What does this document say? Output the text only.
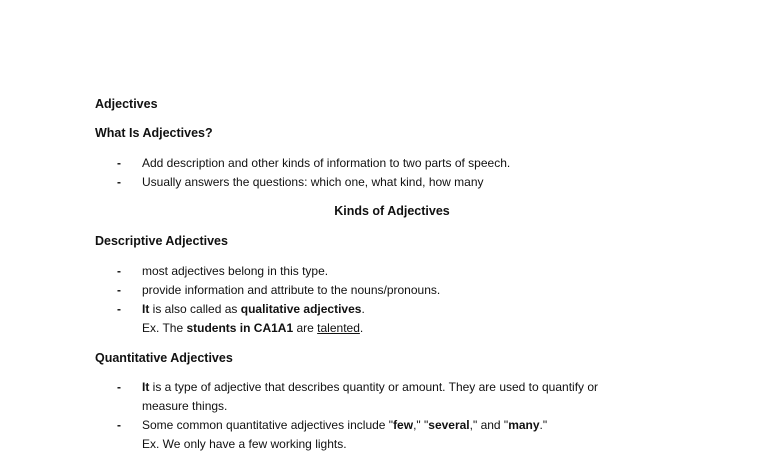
Adjectives
What Is Adjectives?
- Add description and other kinds of information to two parts of speech.
- Usually answers the questions: which one, what kind, how many
Kinds of Adjectives
Descriptive Adjectives
- most adjectives belong in this type.
- provide information and attribute to the nouns/pronouns.
- It is also called as qualitative adjectives.
Ex. The students in CA1A1 are talented.
Quantitative Adjectives
- It is a type of adjective that describes quantity or amount. They are used to quantify or
measure things.
- Some common quantitative adjectives include "few," "several," and "many."
Ex. We only have a few working lights.
